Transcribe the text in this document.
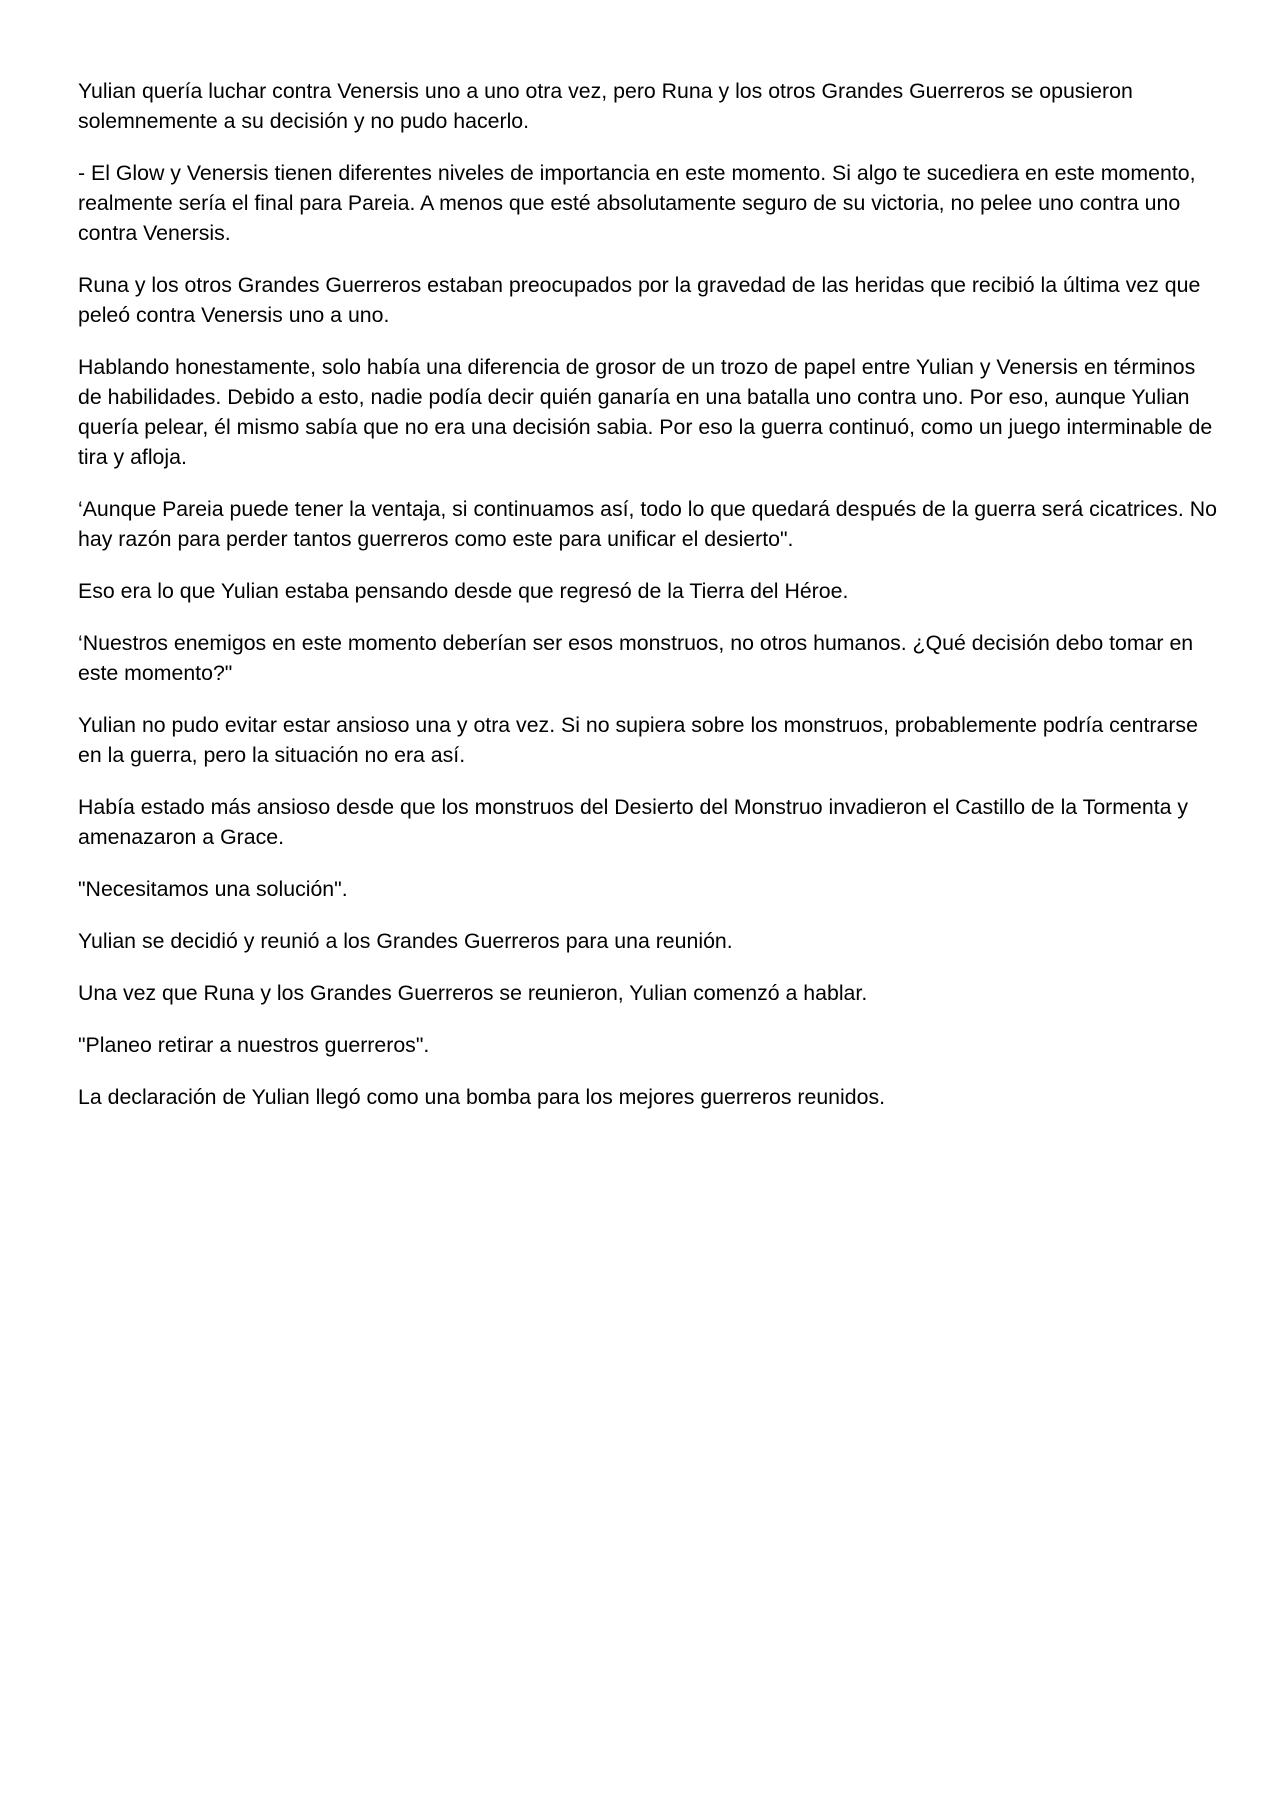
Yulian quería luchar contra Venersis uno a uno otra vez, pero Runa y los otros Grandes Guerreros se opusieron solemnemente a su decisión y no pudo hacerlo.

- El Glow y Venersis tienen diferentes niveles de importancia en este momento. Si algo te sucediera en este momento, realmente sería el final para Pareia. A menos que esté absolutamente seguro de su victoria, no pelee uno contra uno contra Venersis.

Runa y los otros Grandes Guerreros estaban preocupados por la gravedad de las heridas que recibió la última vez que peleó contra Venersis uno a uno.

Hablando honestamente, solo había una diferencia de grosor de un trozo de papel entre Yulian y Venersis en términos de habilidades. Debido a esto, nadie podía decir quién ganaría en una batalla uno contra uno. Por eso, aunque Yulian quería pelear, él mismo sabía que no era una decisión sabia. Por eso la guerra continuó, como un juego interminable de tira y afloja.

‘Aunque Pareia puede tener la ventaja, si continuamos así, todo lo que quedará después de la guerra será cicatrices. No hay razón para perder tantos guerreros como este para unificar el desierto".

Eso era lo que Yulian estaba pensando desde que regresó de la Tierra del Héroe.

‘Nuestros enemigos en este momento deberían ser esos monstruos, no otros humanos. ¿Qué decisión debo tomar en este momento?"

Yulian no pudo evitar estar ansioso una y otra vez. Si no supiera sobre los monstruos, probablemente podría centrarse en la guerra, pero la situación no era así.

Había estado más ansioso desde que los monstruos del Desierto del Monstruo invadieron el Castillo de la Tormenta y amenazaron a Grace.

"Necesitamos una solución".

Yulian se decidió y reunió a los Grandes Guerreros para una reunión.

Una vez que Runa y los Grandes Guerreros se reunieron, Yulian comenzó a hablar.

"Planeo retirar a nuestros guerreros".

La declaración de Yulian llegó como una bomba para los mejores guerreros reunidos.
